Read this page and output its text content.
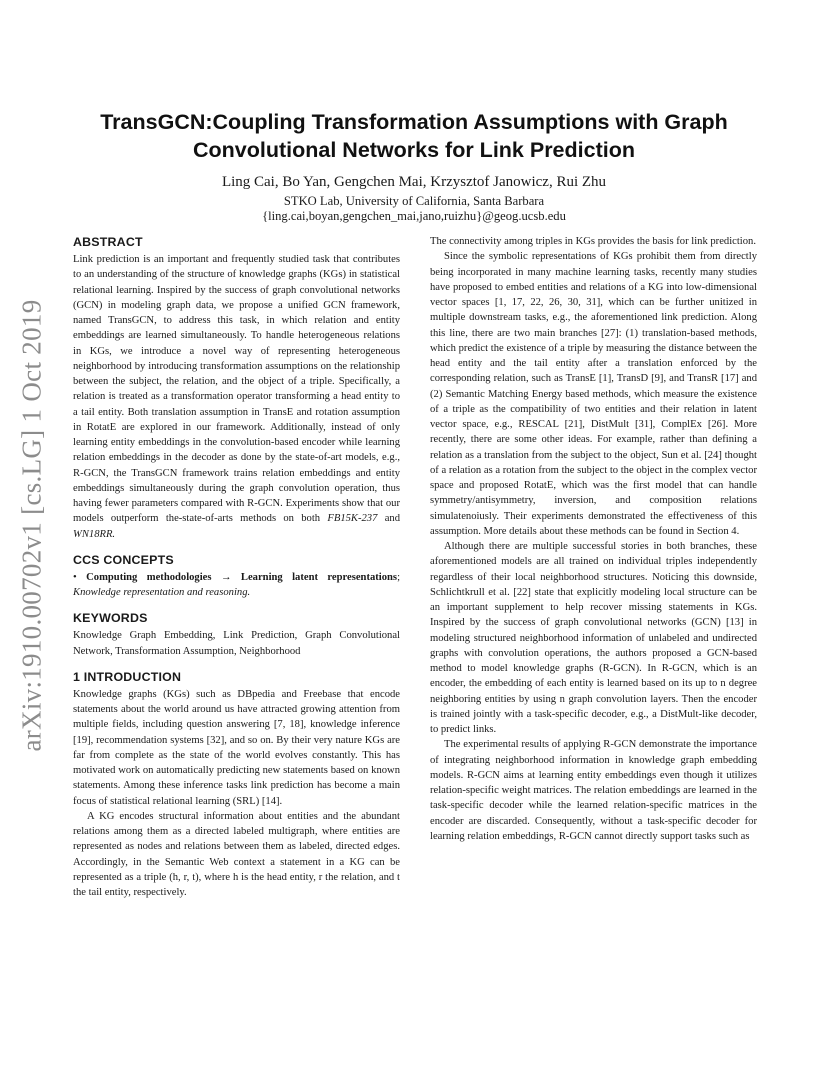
arXiv:1910.00702v1 [cs.LG] 1 Oct 2019
TransGCN:Coupling Transformation Assumptions with Graph
Convolutional Networks for Link Prediction
Ling Cai, Bo Yan, Gengchen Mai, Krzysztof Janowicz, Rui Zhu
STKO Lab, University of California, Santa Barbara
{ling.cai,boyan,gengchen_mai,jano,ruizhu}@geog.ucsb.edu
ABSTRACT

Link prediction is an important and frequently studied task that contributes to an understanding of the structure of knowledge graphs (KGs) in statistical relational learning. Inspired by the success of graph convolutional networks (GCN) in modeling graph data, we propose a unified GCN framework, named TransGCN, to address this task, in which relation and entity embeddings are learned simultaneously. To handle heterogeneous relations in KGs, we introduce a novel way of representing heterogeneous neighborhood by introducing transformation assumptions on the relationship between the subject, the relation, and the object of a triple. Specifically, a relation is treated as a transformation operator transforming a head entity to a tail entity. Both translation assumption in TransE and rotation assumption in RotatE are explored in our framework. Additionally, instead of only learning entity embeddings in the convolution-based encoder while learning relation embeddings in the decoder as done by the state-of-art models, e.g., R-GCN, the TransGCN framework trains relation embeddings and entity embeddings simultaneously during the graph convolution operation, thus having fewer parameters compared with R-GCN. Experiments show that our models outperform the-state-of-arts methods on both FB15K-237 and WN18RR.

CCS CONCEPTS

• Computing methodologies → Learning latent representations; Knowledge representation and reasoning.

KEYWORDS

Knowledge Graph Embedding, Link Prediction, Graph Convolutional Network, Transformation Assumption, Neighborhood

1 INTRODUCTION

Knowledge graphs (KGs) such as DBpedia and Freebase that encode statements about the world around us have attracted growing attention from multiple fields, including question answering [7, 18], knowledge inference [19], recommendation systems [32], and so on. By their very nature KGs are far from complete as the state of the world evolves constantly. This has motivated work on automatically predicting new statements based on known statements. Among these inference tasks link prediction has become a main focus of statistical relational learning (SRL) [14].

A KG encodes structural information about entities and the abundant relations among them as a directed labeled multigraph, where entities are represented as nodes and relations between them as labeled, directed edges. Accordingly, in the Semantic Web context a statement in a KG can be represented as a triple (h, r, t), where h is the head entity, r the relation, and t the tail entity, respectively.

The connectivity among triples in KGs provides the basis for link prediction.

Since the symbolic representations of KGs prohibit them from directly being incorporated in many machine learning tasks, recently many studies have proposed to embed entities and relations of a KG into low-dimensional vector spaces [1, 17, 22, 26, 30, 31], which can be further unitized in multiple downstream tasks, e.g., the aforementioned link prediction. Along this line, there are two main branches [27]: (1) translation-based methods, which predict the existence of a triple by measuring the distance between the head entity and the tail entity after a translation enforced by the corresponding relation, such as TransE [1], TransD [9], and TransR [17] and (2) Semantic Matching Energy based methods, which measure the existence of a triple as the compatibility of two entities and their relation in latent vector space, e.g., RESCAL [21], DistMult [31], ComplEx [26]. More recently, there are some other ideas. For example, rather than defining a relation as a translation from the subject to the object, Sun et al. [24] thought of a relation as a rotation from the subject to the object in the complex vector space and proposed RotatE, which was the first model that can handle symmetry/antisymmetry, inversion, and composition relations simulatenoiusly. Their experiments demonstrated the effectiveness of this assumption. More details about these methods can be found in Section 4.

Although there are multiple successful stories in both branches, these aforementioned models are all trained on individual triples independently regardless of their local neighborhood structures. Noticing this downside, Schlichtkrull et al. [22] state that explicitly modeling local structure can be an important supplement to help recover missing statements in KGs. Inspired by the success of graph convolutional networks (GCN) [13] in modeling structured neighborhood information of unlabeled and undirected graphs with convolution operations, the authors proposed a GCN-based method to model knowledge graphs (R-GCN). In R-GCN, which is an encoder, the embedding of each entity is learned based on its up to n degree neighboring entities by using n graph convolution layers. Then the encoder is trained jointly with a task-specific decoder, e.g., a DistMult-like decoder, to predict links.

The experimental results of applying R-GCN demonstrate the importance of integrating neighborhood information in knowledge graph embedding models. R-GCN aims at learning entity embeddings even though it utilizes relation-specific weight matrices. The relation embeddings are learned in the task-specific decoder while the learned relation-specific matrices in the encoder are discarded. Consequently, without a task-specific decoder for learning relation embeddings, R-GCN cannot directly support tasks such as
